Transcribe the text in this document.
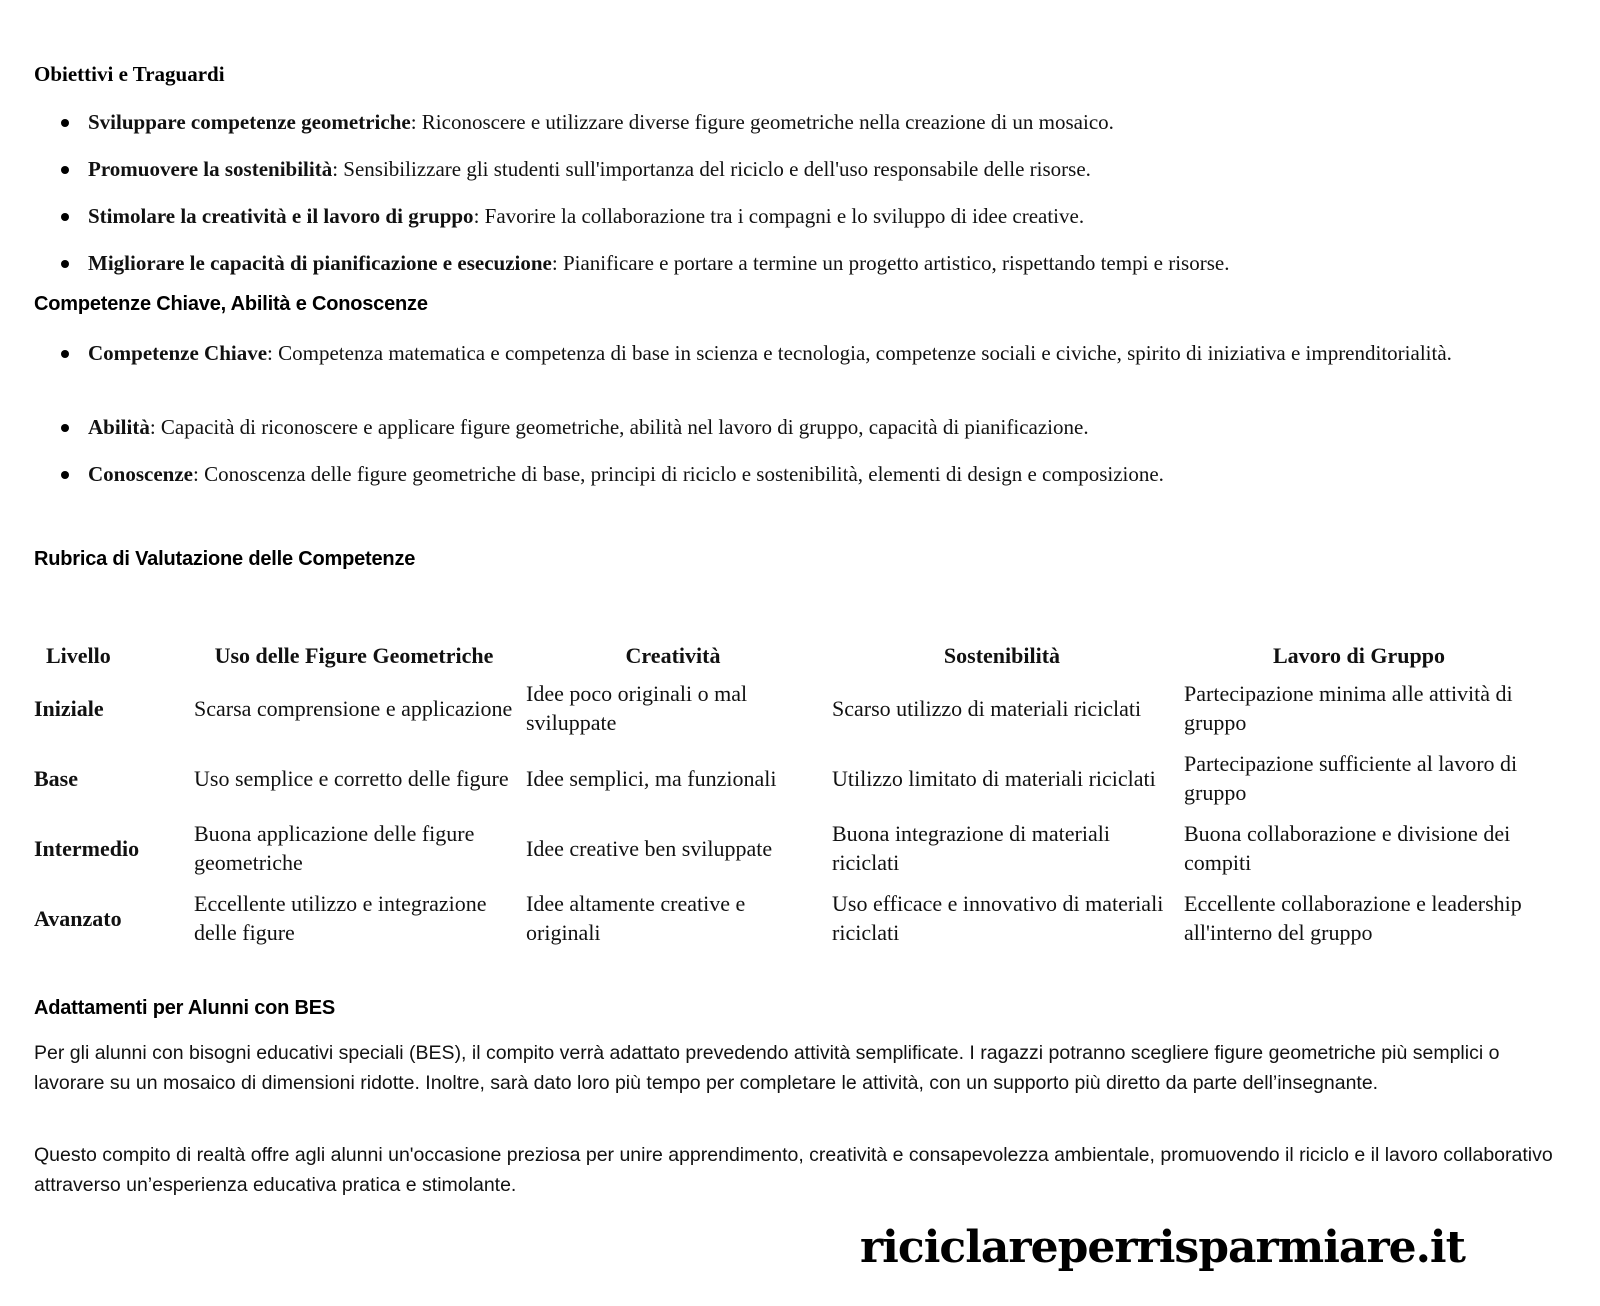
Obiettivi e Traguardi
Sviluppare competenze geometriche: Riconoscere e utilizzare diverse figure geometriche nella creazione di un mosaico.
Promuovere la sostenibilità: Sensibilizzare gli studenti sull'importanza del riciclo e dell'uso responsabile delle risorse.
Stimolare la creatività e il lavoro di gruppo: Favorire la collaborazione tra i compagni e lo sviluppo di idee creative.
Migliorare le capacità di pianificazione e esecuzione: Pianificare e portare a termine un progetto artistico, rispettando tempi e risorse.
Competenze Chiave, Abilità e Conoscenze
Competenze Chiave: Competenza matematica e competenza di base in scienza e tecnologia, competenze sociali e civiche, spirito di iniziativa e imprenditorialità.
Abilità: Capacità di riconoscere e applicare figure geometriche, abilità nel lavoro di gruppo, capacità di pianificazione.
Conoscenze: Conoscenza delle figure geometriche di base, principi di riciclo e sostenibilità, elementi di design e composizione.
Rubrica di Valutazione delle Competenze
Livello	Uso delle Figure Geometriche	Creatività	Sostenibilità	Lavoro di Gruppo
Iniziale	Scarsa comprensione e applicazione	Idee poco originali o mal sviluppate	Scarso utilizzo di materiali riciclati	Partecipazione minima alle attività di gruppo
Base	Uso semplice e corretto delle figure	Idee semplici, ma funzionali	Utilizzo limitato di materiali riciclati	Partecipazione sufficiente al lavoro di gruppo
Intermedio	Buona applicazione delle figure geometriche	Idee creative ben sviluppate	Buona integrazione di materiali riciclati	Buona collaborazione e divisione dei compiti
Avanzato	Eccellente utilizzo e integrazione delle figure	Idee altamente creative e originali	Uso efficace e innovativo di materiali riciclati	Eccellente collaborazione e leadership all'interno del gruppo
Adattamenti per Alunni con BES

Per gli alunni con bisogni educativi speciali (BES), il compito verrà adattato prevedendo attività semplificate. I ragazzi potranno scegliere figure geometriche più semplici o lavorare su un mosaico di dimensioni ridotte. Inoltre, sarà dato loro più tempo per completare le attività, con un supporto più diretto da parte dell’insegnante.

Questo compito di realtà offre agli alunni un'occasione preziosa per unire apprendimento, creatività e consapevolezza ambientale, promuovendo il riciclo e il lavoro collaborativo attraverso un’esperienza educativa pratica e stimolante.

riciclareperrisparmiare.it
